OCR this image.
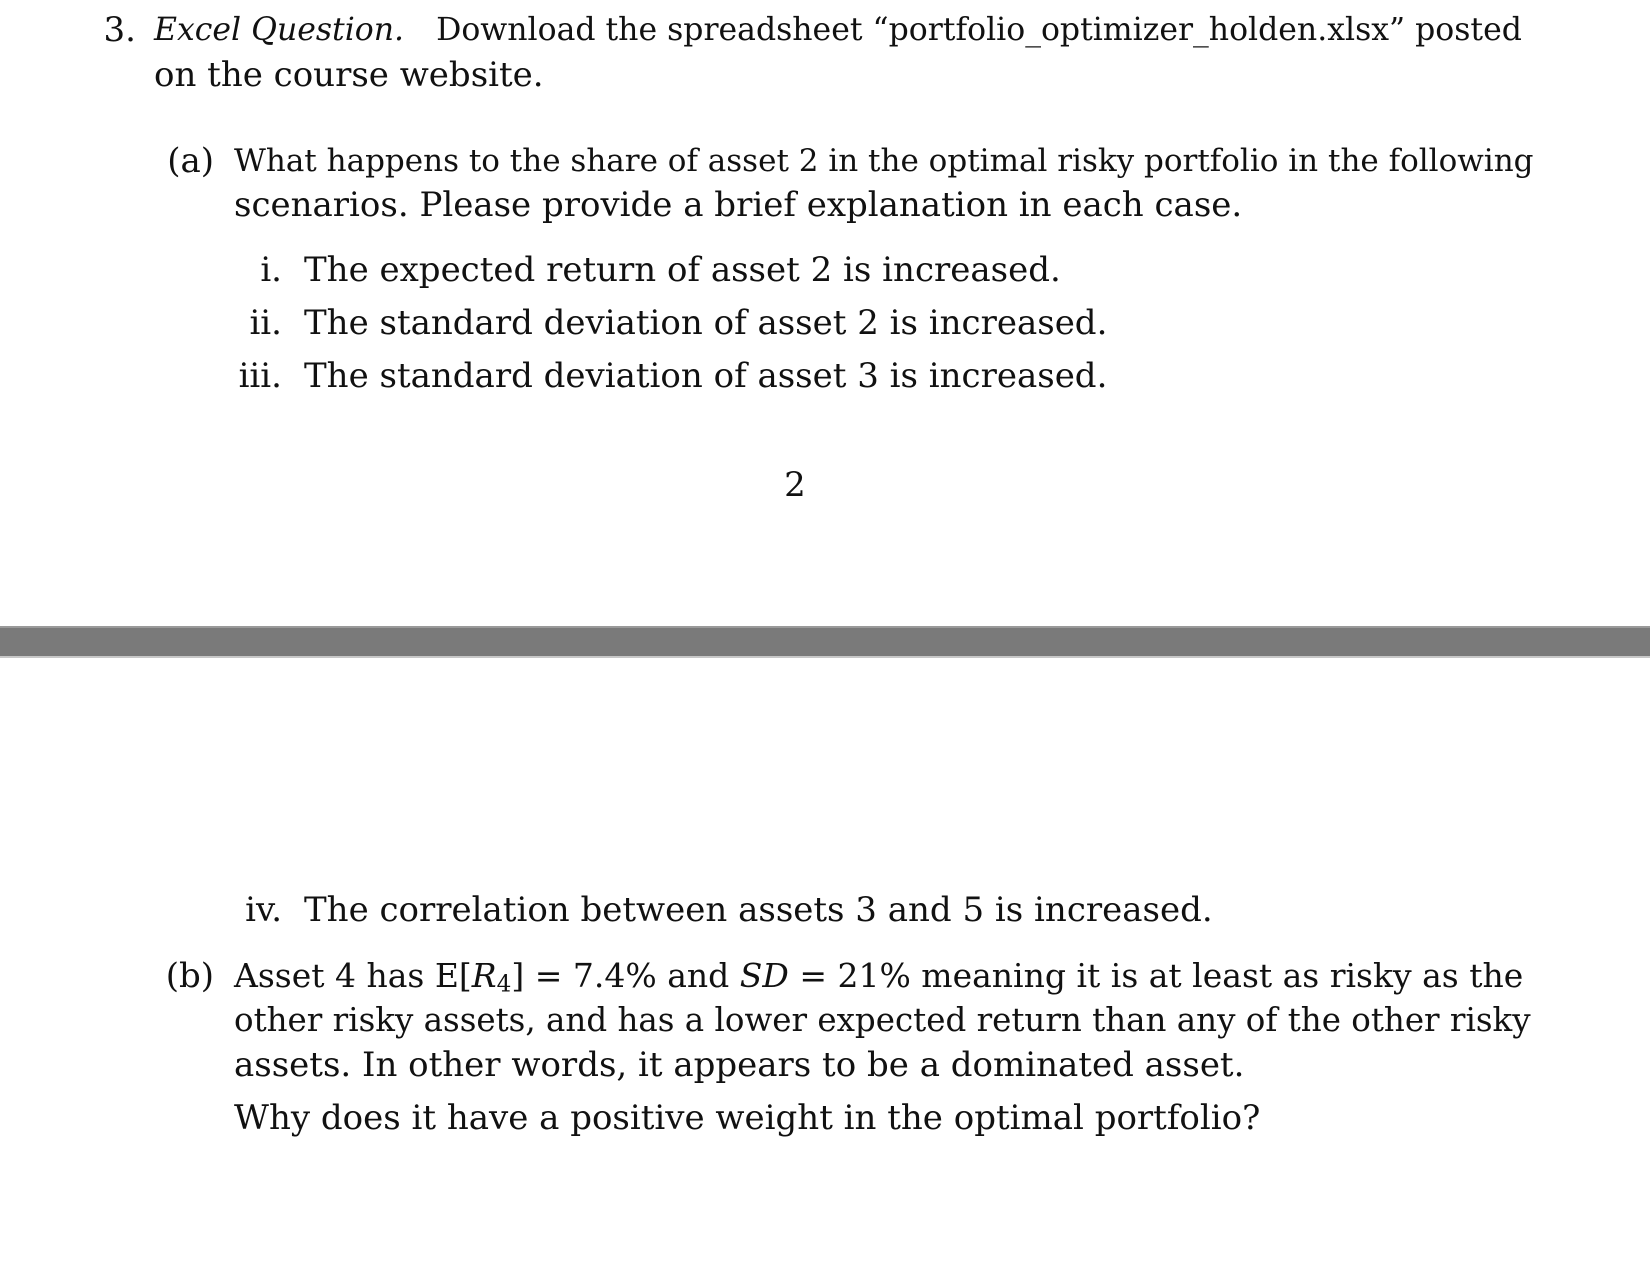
3. Excel Question. Download the spreadsheet “portfolio_optimizer_holden.xlsx” posted
on the course website.
(a) What happens to the share of asset 2 in the optimal risky portfolio in the following
scenarios. Please provide a brief explanation in each case.
i. The expected return of asset 2 is increased.
ii. The standard deviation of asset 2 is increased.
iii. The standard deviation of asset 3 is increased.
2
iv. The correlation between assets 3 and 5 is increased.
(b) Asset 4 has $E[R_4] = 7.4\%$ and SD = 21% meaning it is at least as risky as the
other risky assets, and has a lower expected return than any of the other risky
assets. In other words, it appears to be a dominated asset.
Why does it have a positive weight in the optimal portfolio?
